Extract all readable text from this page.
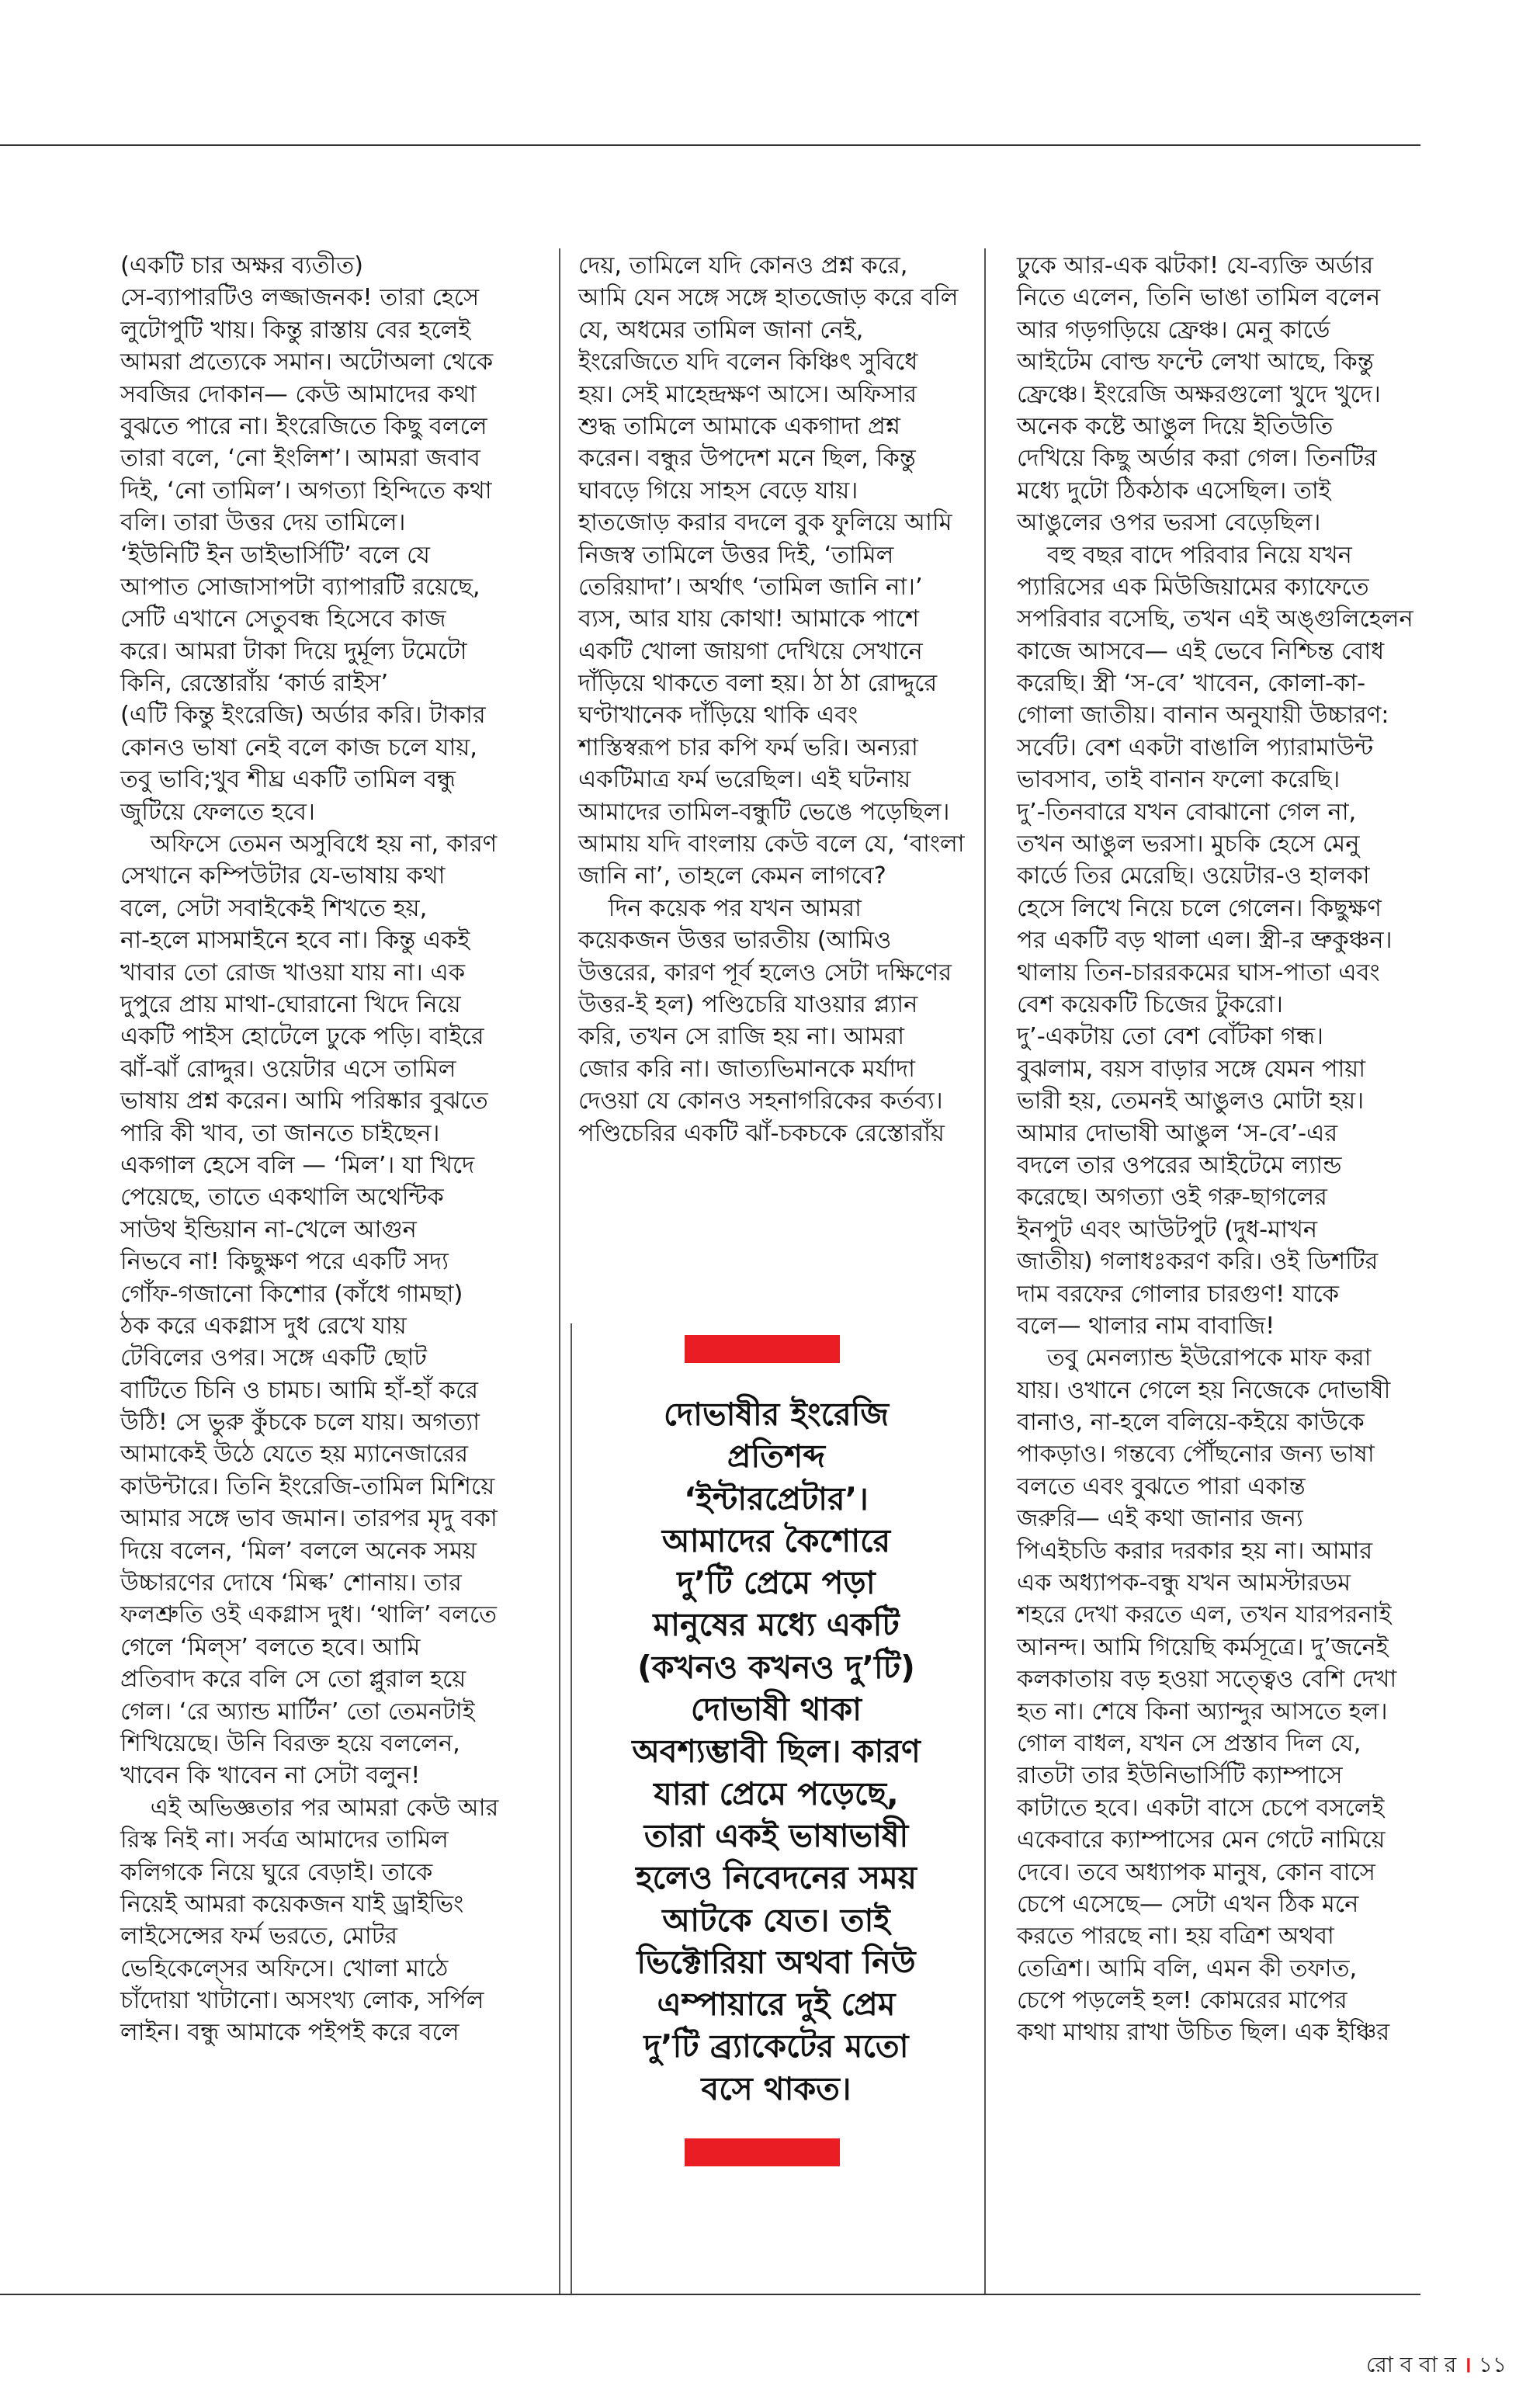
(একটি চার অক্ষর ব্যতীত)
সে-ব্যাপারটিও লজ্জাজনক! তারা হেসে
লুটোপুটি খায়। কিন্তু রাস্তায় বের হলেই
আমরা প্রত্যেকে সমান। অটোঅলা থেকে
সবজির দোকান— কেউ আমাদের কথা
বুঝতে পারে না। ইংরেজিতে কিছু বললে
তারা বলে, ‘নো ইংলিশ’। আমরা জবাব
দিই, ‘নো তামিল’। অগত্যা হিন্দিতে কথা
বলি। তারা উত্তর দেয় তামিলে।
‘ইউনিটি ইন ডাইভার্সিটি’ বলে যে
আপাত সোজাসাপটা ব্যাপারটি রয়েছে,
সেটি এখানে সেতুবন্ধ হিসেবে কাজ
করে। আমরা টাকা দিয়ে দুর্মূল্য টমেটো
কিনি, রেস্তোরাঁয় ‘কার্ড রাইস’
(এটি কিন্তু ইংরেজি) অর্ডার করি। টাকার
কোনও ভাষা নেই বলে কাজ চলে যায়,
তবু ভাবি;খুব শীঘ্র একটি তামিল বন্ধু
জুটিয়ে ফেলতে হবে।
অফিসে তেমন অসুবিধে হয় না, কারণ
সেখানে কম্পিউটার যে-ভাষায় কথা
বলে, সেটা সবাইকেই শিখতে হয়,
না-হলে মাসমাইনে হবে না। কিন্তু একই
খাবার তো রোজ খাওয়া যায় না। এক
দুপুরে প্রায় মাথা-ঘোরানো খিদে নিয়ে
একটি পাইস হোটেলে ঢুকে পড়ি। বাইরে
ঝাঁ-ঝাঁ রোদ্দুর। ওয়েটার এসে তামিল
ভাষায় প্রশ্ন করেন। আমি পরিষ্কার বুঝতে
পারি কী খাব, তা জানতে চাইছেন।
একগাল হেসে বলি — ‘মিল’। যা খিদে
পেয়েছে, তাতে একথালি অথেন্টিক
সাউথ ইন্ডিয়ান না-খেলে আগুন
নিভবে না! কিছুক্ষণ পরে একটি সদ্য
গোঁফ-গজানো কিশোর (কাঁধে গামছা)
ঠক করে একগ্লাস দুধ রেখে যায়
টেবিলের ওপর। সঙ্গে একটি ছোট
বাটিতে চিনি ও চামচ। আমি হাঁ-হাঁ করে
উঠি! সে ভুরু কুঁচকে চলে যায়। অগত্যা
আমাকেই উঠে যেতে হয় ম্যানেজারের
কাউন্টারে। তিনি ইংরেজি-তামিল মিশিয়ে
আমার সঙ্গে ভাব জমান। তারপর মৃদু বকা
দিয়ে বলেন, ‘মিল’ বললে অনেক সময়
উচ্চারণের দোষে ‘মিল্ক’ শোনায়। তার
ফলশ্রুতি ওই একগ্লাস দুধ। ‘থালি’ বলতে
গেলে ‘মিল্স’ বলতে হবে। আমি
প্রতিবাদ করে বলি সে তো প্লুরাল হয়ে
গেল। ‘রে অ্যান্ড মার্টিন’ তো তেমনটাই
শিখিয়েছে। উনি বিরক্ত হয়ে বললেন,
খাবেন কি খাবেন না সেটা বলুন!
এই অভিজ্ঞতার পর আমরা কেউ আর
রিস্ক নিই না। সর্বত্র আমাদের তামিল
কলিগকে নিয়ে ঘুরে বেড়াই। তাকে
নিয়েই আমরা কয়েকজন যাই ড্রাইভিং
লাইসেন্সের ফর্ম ভরতে, মোটর
ভেহিকেল্সের অফিসে। খোলা মাঠে
চাঁদোয়া খাটানো। অসংখ্য লোক, সর্পিল
লাইন। বন্ধু আমাকে পইপই করে বলে
দেয়, তামিলে যদি কোনও প্রশ্ন করে,
আমি যেন সঙ্গে সঙ্গে হাতজোড় করে বলি
যে, অধমের তামিল জানা নেই,
ইংরেজিতে যদি বলেন কিঞ্চিৎ সুবিধে
হয়। সেই মাহেন্দ্রক্ষণ আসে। অফিসার
শুদ্ধ তামিলে আমাকে একগাদা প্রশ্ন
করেন। বন্ধুর উপদেশ মনে ছিল, কিন্তু
ঘাবড়ে গিয়ে সাহস বেড়ে যায়।
হাতজোড় করার বদলে বুক ফুলিয়ে আমি
নিজস্ব তামিলে উত্তর দিই, ‘তামিল
তেরিয়াদা’। অর্থাৎ ‘তামিল জানি না।’
ব্যস, আর যায় কোথা! আমাকে পাশে
একটি খোলা জায়গা দেখিয়ে সেখানে
দাঁড়িয়ে থাকতে বলা হয়। ঠা ঠা রোদ্দুরে
ঘণ্টাখানেক দাঁড়িয়ে থাকি এবং
শাস্তিস্বরূপ চার কপি ফর্ম ভরি। অন্যরা
একটিমাত্র ফর্ম ভরেছিল। এই ঘটনায়
আমাদের তামিল-বন্ধুটি ভেঙে পড়েছিল।
আমায় যদি বাংলায় কেউ বলে যে, ‘বাংলা
জানি না’, তাহলে কেমন লাগবে?
দিন কয়েক পর যখন আমরা
কয়েকজন উত্তর ভারতীয় (আমিও
উত্তরের, কারণ পূর্ব হলেও সেটা দক্ষিণের
উত্তর-ই হল) পণ্ডিচেরি যাওয়ার প্ল্যান
করি, তখন সে রাজি হয় না। আমরা
জোর করি না। জাত্যভিমানকে মর্যাদা
দেওয়া যে কোনও সহনাগরিকের কর্তব্য।
পণ্ডিচেরির একটি ঝাঁ-চকচকে রেস্তোরাঁয়
ঢুকে আর-এক ঝটকা! যে-ব্যক্তি অর্ডার
নিতে এলেন, তিনি ভাঙা তামিল বলেন
আর গড়গড়িয়ে ফ্রেঞ্চ। মেনু কার্ডে
আইটেম বোল্ড ফন্টে লেখা আছে, কিন্তু
ফ্রেঞ্চে। ইংরেজি অক্ষরগুলো খুদে খুদে।
অনেক কষ্টে আঙুল দিয়ে ইতিউতি
দেখিয়ে কিছু অর্ডার করা গেল। তিনটির
মধ্যে দুটো ঠিকঠাক এসেছিল। তাই
আঙুলের ওপর ভরসা বেড়েছিল।
বহু বছর বাদে পরিবার নিয়ে যখন
প্যারিসের এক মিউজিয়ামের ক্যাফেতে
সপরিবার বসেছি, তখন এই অঙ্গুলিহেলন
কাজে আসবে— এই ভেবে নিশ্চিন্ত বোধ
করেছি। স্ত্রী ‘স-বে’ খাবেন, কোলা-কা-
গোলা জাতীয়। বানান অনুযায়ী উচ্চারণ:
সর্বেট। বেশ একটা বাঙালি প্যারামাউন্ট
ভাবসাব, তাই বানান ফলো করেছি।
দু’-তিনবারে যখন বোঝানো গেল না,
তখন আঙুল ভরসা। মুচকি হেসে মেনু
কার্ডে তির মেরেছি। ওয়েটার-ও হালকা
হেসে লিখে নিয়ে চলে গেলেন। কিছুক্ষণ
পর একটি বড় থালা এল। স্ত্রী-র ভ্রুকুঞ্চন।
থালায় তিন-চাররকমের ঘাস-পাতা এবং
বেশ কয়েকটি চিজের টুকরো।
দু’-একটায় তো বেশ বোঁটকা গন্ধ।
বুঝলাম, বয়স বাড়ার সঙ্গে যেমন পায়া
ভারী হয়, তেমনই আঙুলও মোটা হয়।
আমার দোভাষী আঙুল ‘স-বে’-এর
বদলে তার ওপরের আইটেমে ল্যান্ড
করেছে। অগত্যা ওই গরু-ছাগলের
ইনপুট এবং আউটপুট (দুধ-মাখন
জাতীয়) গলাধঃকরণ করি। ওই ডিশটির
দাম বরফের গোলার চারগুণ! যাকে
বলে— থালার নাম বাবাজি!
তবু মেনল্যান্ড ইউরোপকে মাফ করা
যায়। ওখানে গেলে হয় নিজেকে দোভাষী
বানাও, না-হলে বলিয়ে-কইয়ে কাউকে
পাকড়াও। গন্তব্যে পৌঁছনোর জন্য ভাষা
বলতে এবং বুঝতে পারা একান্ত
জরুরি— এই কথা জানার জন্য
পিএইচডি করার দরকার হয় না। আমার
এক অধ্যাপক-বন্ধু যখন আমস্টারডম
শহরে দেখা করতে এল, তখন যারপরনাই
আনন্দ। আমি গিয়েছি কর্মসূত্রে। দু’জনেই
কলকাতায় বড় হওয়া সত্ত্বেও বেশি দেখা
হত না। শেষে কিনা অ্যান্দুর আসতে হল।
গোল বাধল, যখন সে প্রস্তাব দিল যে,
রাতটা তার ইউনিভার্সিটি ক্যাম্পাসে
কাটাতে হবে। একটা বাসে চেপে বসলেই
একেবারে ক্যাম্পাসের মেন গেটে নামিয়ে
দেবে। তবে অধ্যাপক মানুষ, কোন বাসে
চেপে এসেছে— সেটা এখন ঠিক মনে
করতে পারছে না। হয় বত্রিশ অথবা
তেত্রিশ। আমি বলি, এমন কী তফাত,
চেপে পড়লেই হল! কোমরের মাপের
কথা মাথায় রাখা উচিত ছিল। এক ইঞ্চির
দোভাষীর ইংরেজি
প্রতিশব্দ
‘ইন্টারপ্রেটার’।
আমাদের কৈশোরে
দু’টি প্রেমে পড়া
মানুষের মধ্যে একটি
(কখনও কখনও দু’টি)
দোভাষী থাকা
অবশ্যম্ভাবী ছিল। কারণ
যারা প্রেমে পড়েছে,
তারা একই ভাষাভাষী
হলেও নিবেদনের সময়
আটকে যেত। তাই
ভিক্টোরিয়া অথবা নিউ
এম্পায়ারে দুই প্রেম
দু’টি ব্র্যাকেটের মতো
বসে থাকত।
রো ব বা র । ১১
